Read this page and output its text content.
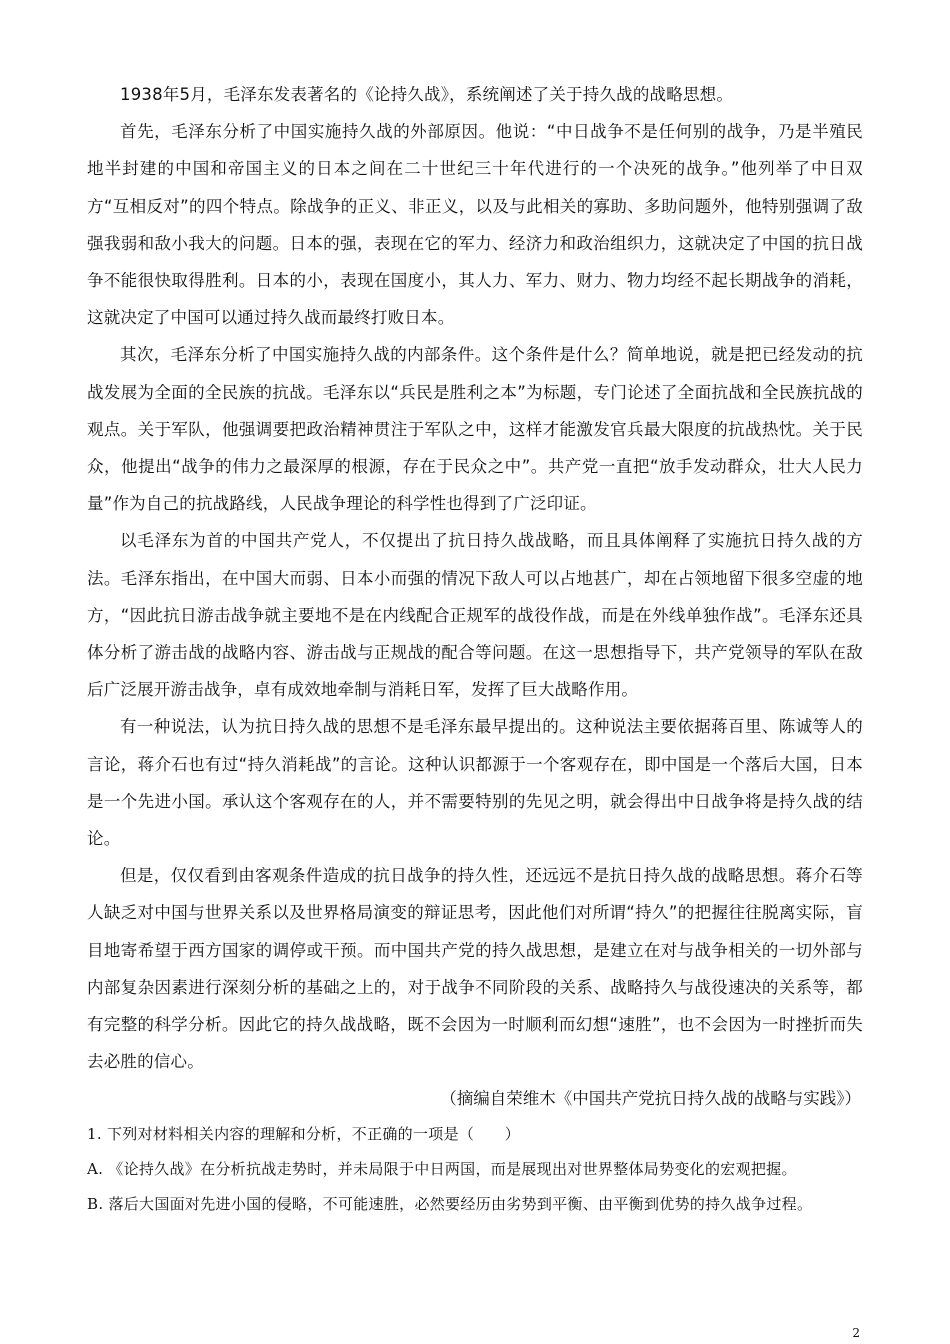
1938年5月，毛泽东发表著名的《论持久战》，系统阐述了关于持久战的战略思想。

首先，毛泽东分析了中国实施持久战的外部原因。他说：“中日战争不是任何别的战争，乃是半殖民地半封建的中国和帝国主义的日本之间在二十世纪三十年代进行的一个决死的战争。”他列举了中日双方“互相反对”的四个特点。除战争的正义、非正义，以及与此相关的寡助、多助问题外，他特别强调了敌强我弱和敌小我大的问题。日本的强，表现在它的军力、经济力和政治组织力，这就决定了中国的抗日战争不能很快取得胜利。日本的小，表现在国度小，其人力、军力、财力、物力均经不起长期战争的消耗，这就决定了中国可以通过持久战而最终打败日本。

其次，毛泽东分析了中国实施持久战的内部条件。这个条件是什么？简单地说，就是把已经发动的抗战发展为全面的全民族的抗战。毛泽东以“兵民是胜利之本”为标题，专门论述了全面抗战和全民族抗战的观点。关于军队，他强调要把政治精神贯注于军队之中，这样才能激发官兵最大限度的抗战热忱。关于民众，他提出“战争的伟力之最深厚的根源，存在于民众之中”。共产党一直把“放手发动群众，壮大人民力量”作为自己的抗战路线，人民战争理论的科学性也得到了广泛印证。

以毛泽东为首的中国共产党人，不仅提出了抗日持久战战略，而且具体阐释了实施抗日持久战的方法。毛泽东指出，在中国大而弱、日本小而强的情况下敌人可以占地甚广，却在占领地留下很多空虚的地方，“因此抗日游击战争就主要地不是在内线配合正规军的战役作战，而是在外线单独作战”。毛泽东还具体分析了游击战的战略内容、游击战与正规战的配合等问题。在这一思想指导下，共产党领导的军队在敌后广泛展开游击战争，卓有成效地牵制与消耗日军，发挥了巨大战略作用。

有一种说法，认为抗日持久战的思想不是毛泽东最早提出的。这种说法主要依据蒋百里、陈诚等人的言论，蒋介石也有过“持久消耗战”的言论。这种认识都源于一个客观存在，即中国是一个落后大国，日本是一个先进小国。承认这个客观存在的人，并不需要特别的先见之明，就会得出中日战争将是持久战的结论。

但是，仅仅看到由客观条件造成的抗日战争的持久性，还远远不是抗日持久战的战略思想。蒋介石等人缺乏对中国与世界关系以及世界格局演变的辩证思考，因此他们对所谓“持久”的把握往往脱离实际，盲目地寄希望于西方国家的调停或干预。而中国共产党的持久战思想，是建立在对与战争相关的一切外部与内部复杂因素进行深刻分析的基础之上的，对于战争不同阶段的关系、战略持久与战役速决的关系等，都有完整的科学分析。因此它的持久战战略，既不会因为一时顺利而幻想“速胜”，也不会因为一时挫折而失去必胜的信心。

（摘编自荣维木《中国共产党抗日持久战的战略与实践》）

1. 下列对材料相关内容的理解和分析，不正确的一项是（　　）

A. 《论持久战》在分析抗战走势时，并未局限于中日两国，而是展现出对世界整体局势变化的宏观把握。

B. 落后大国面对先进小国的侵略，不可能速胜，必然要经历由劣势到平衡、由平衡到优势的持久战争过程。

2
